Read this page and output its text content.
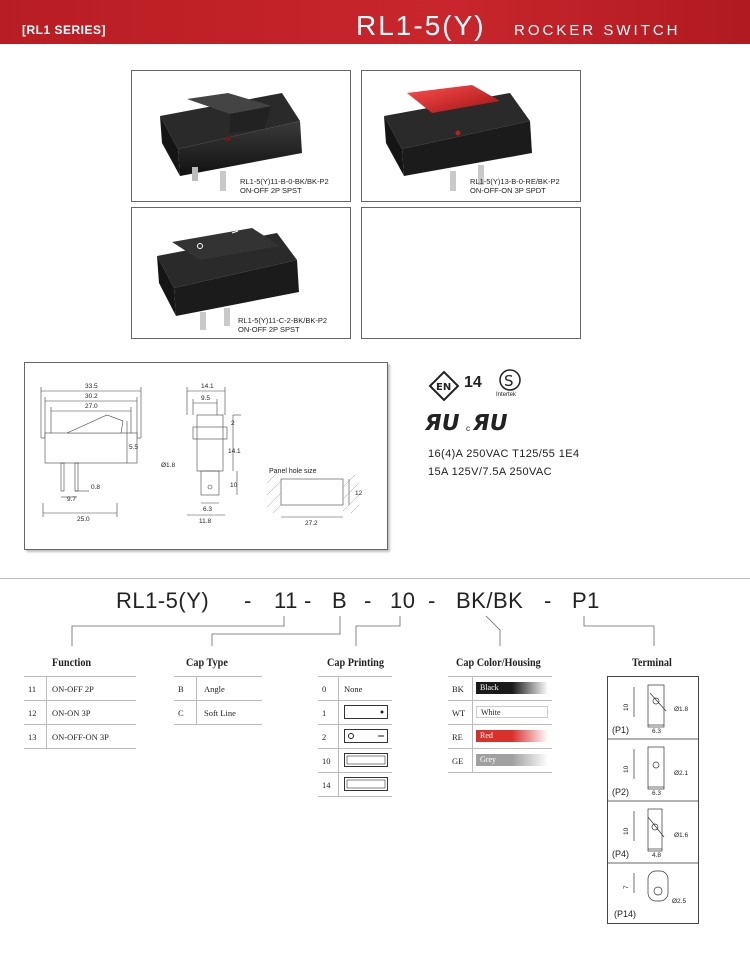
[RL1 SERIES]	RL1-5(Y) ROCKER SWITCH
RL1-5(Y)11-B-0-BK/BK-P2
ON-OFF 2P SPST
RL1-5(Y)13-B-0-RE/BK-P2
ON-OFF-ON 3P SPDT
RL1-5(Y)11-C-2-BK/BK-P2
ON-OFF 2P SPST
33.5
30.2
27.0
5.5
0.8
9.7
25.0
14.1
9.5
2
14.1
10
Ø1.8
6.3
11.8
Panel hole size
12
27.2
EN 14 S
Intertek
ЯU ЯU
c
16(4)A 250VAC T125/55 1E4
15A 125V/7.5A 250VAC
RL1-5(Y) - 11 - B - 10 - BK/BK - P1
Function
11 ON-OFF 2P
12 ON-ON 3P
13 ON-OFF-ON 3P
Cap Type
B Angle
C Soft Line
Cap Printing
0 None
1
2
10
14
Cap Color/Housing
BK	Black
WT	White
RE	Red
GE	Grey
Terminal
10	Ø1.8
6.3
(P1)
10
Ø2.1
6.3
(P2)
10
Ø1.6
4.8
(P4)
7
Ø2.5
(P14)
